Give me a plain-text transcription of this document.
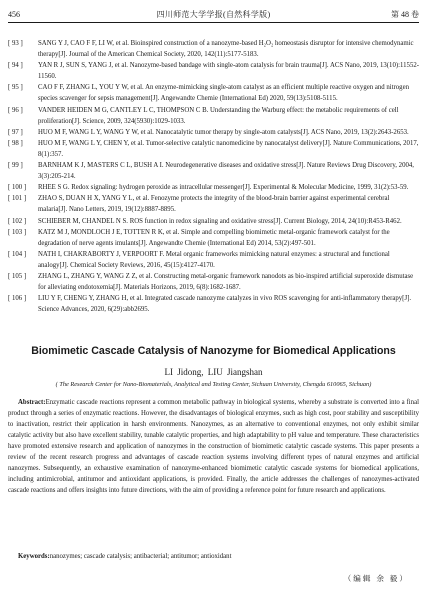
456	四川师范大学学报(自然科学版)	第 48 卷
[ 93 ]	SANG Y J, CAO F F, LI W, et al. Bioinspired construction of a nanozyme-based H₂O₂ homeostasis disruptor for intensive chemodynamic therapy[J]. Journal of the American Chemical Society, 2020, 142(11):5177-5183.
[ 94 ]	YAN R J, SUN S, YANG J, et al. Nanozyme-based bandage with single-atom catalysis for brain trauma[J]. ACS Nano, 2019, 13(10):11552-11560.
[ 95 ]	CAO F F, ZHANG L, YOU Y W, et al. An enzyme-mimicking single-atom catalyst as an efficient multiple reactive oxygen and nitrogen species scavenger for sepsis management[J]. Angewandte Chemie (International Ed) 2020, 59(13):5108-5115.
[ 96 ]	VANDER HEIDEN M G, CANTLEY L C, THOMPSON C B. Understanding the Warburg effect: the metabolic requirements of cell proliferation[J]. Science, 2009, 324(5930):1029-1033.
[ 97 ]	HUO M F, WANG L Y, WANG Y W, et al. Nanocatalytic tumor therapy by single-atom catalysts[J]. ACS Nano, 2019, 13(2):2643-2653.
[ 98 ]	HUO M F, WANG L Y, CHEN Y, et al. Tumor-selective catalytic nanomedicine by nanocatalyst delivery[J]. Nature Communications, 2017, 8(1):357.
[ 99 ]	BARNHAM K J, MASTERS C L, BUSH A I. Neurodegenerative diseases and oxidative stress[J]. Nature Reviews Drug Discovery, 2004, 3(3):205-214.
[ 100 ]	RHEE S G. Redox signaling: hydrogen peroxide as intracellular messenger[J]. Experimental & Molecular Medicine, 1999, 31(2):53-59.
[ 101 ]	ZHAO S, DUAN H X, YANG Y L, et al. Fenozyme protects the integrity of the blood-brain barrier against experimental cerebral malaria[J]. Nano Letters, 2019, 19(12):8887-8895.
[ 102 ]	SCHIEBER M, CHANDEL N S. ROS function in redox signaling and oxidative stress[J]. Current Biology, 2014, 24(10):R453-R462.
[ 103 ]	KATZ M J, MONDLOCH J E, TOTTEN R K, et al. Simple and compelling biomimetic metal-organic framework catalyst for the degradation of nerve agents imulants[J]. Angewandte Chemie (International Ed) 2014, 53(2):497-501.
[ 104 ]	NATH I, CHAKRABORTY J, VERPOORT F. Metal organic frameworks mimicking natural enzymes: a structural and functional analogy[J]. Chemical Society Reviews, 2016, 45(15):4127-4170.
[ 105 ]	ZHANG L, ZHANG Y, WANG Z Z, et al. Constructing metal-organic framework nanodots as bio-inspired artificial superoxide dismutase for alleviating endotoxemia[J]. Materials Horizons, 2019, 6(8):1682-1687.
[ 106 ]	LIU Y F, CHENG Y, ZHANG H, et al. Integrated cascade nanozyme catalyzes in vivo ROS scavenging for anti-inflammatory therapy[J]. Science Advances, 2020, 6(29):abb2695.
Biomimetic Cascade Catalysis of Nanozyme for Biomedical Applications
LI Jidong, LIU Jiangshan
( The Research Center for Nano-Biomaterials, Analytical and Testing Center, Sichuan University, Chengdu 610065, Sichuan)

Abstract:Enzymatic cascade reactions represent a common metabolic pathway in biological systems, whereby a substrate is converted into a final product through a series of enzymatic reactions. However, the disadvantages of biological enzymes, such as high cost, poor stability and susceptibility to inactivation, restrict their application in harsh environments. Nanozymes, as an alternative to conventional enzymes, not only exhibit similar catalytic activity but also have excellent stability, tunable catalytic properties, and high adaptability to pH value and temperature. These characteristics have promoted extensive research and application of nanozymes in the construction of biomimetic catalytic cascade systems. This paper presents a review of the recent research progress and advantages of cascade reaction systems involving different types of natural enzymes and artificial nanozymes. Subsequently, an exhaustive examination of nanozyme-enhanced biomimetic catalytic cascade systems for biomedical applications, including antimicrobial, antitumor and antioxidant applications, is provided. Finally, the article addresses the challenges of nanozymes-activated cascade reactions and offers insights into future directions, with the aim of providing a reference point for future research and applications.

Keywords:nanozymes; cascade catalysis; antibacterial; antitumor; antioxidant

（编辑 余 毅）
